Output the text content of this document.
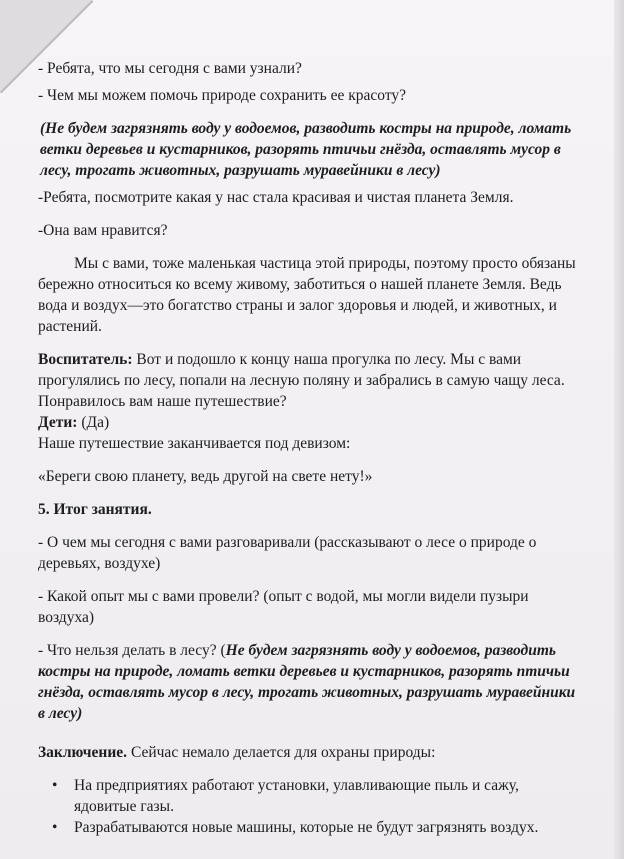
- Ребята, что мы сегодня с вами узнали?

- Чем мы можем помочь природе сохранить ее красоту?

(Не будем загрязнять воду у водоемов, разводить костры на природе, ломать ветки деревьев и кустарников, разорять птичьи гнёзда, оставлять мусор в лесу, трогать животных, разрушать муравейники в лесу)

-Ребята, посмотрите какая у нас стала красивая и чистая планета Земля.

-Она вам нравится?

Мы с вами, тоже маленькая частица этой природы, поэтому просто обязаны бережно относиться ко всему живому, заботиться о нашей планете Земля. Ведь вода и воздух—это богатство страны и залог здоровья и людей, и животных, и растений.

Воспитатель: Вот и подошло к концу наша прогулка по лесу. Мы с вами прогулялись по лесу, попали на лесную поляну и забрались в самую чащу леса. Понравилось вам наше путешествие?

Дети: (Да)

Наше путешествие заканчивается под девизом:

«Береги свою планету, ведь другой на свете нету!»

5. Итог занятия.

- О чем мы сегодня с вами разговаривали (рассказывают о лесе о природе о деревьях, воздухе)

- Какой опыт мы с вами провели? (опыт с водой, мы могли видели пузыри воздуха)

- Что нельзя делать в лесу? (Не будем загрязнять воду у водоемов, разводить костры на природе, ломать ветки деревьев и кустарников, разорять птичьи гнёзда, оставлять мусор в лесу, трогать животных, разрушать муравейники в лесу)

Заключение. Сейчас немало делается для охраны природы:

•	На предприятиях работают установки, улавливающие пыль и сажу, ядовитые газы.
•	Разрабатываются новые машины, которые не будут загрязнять воздух.
